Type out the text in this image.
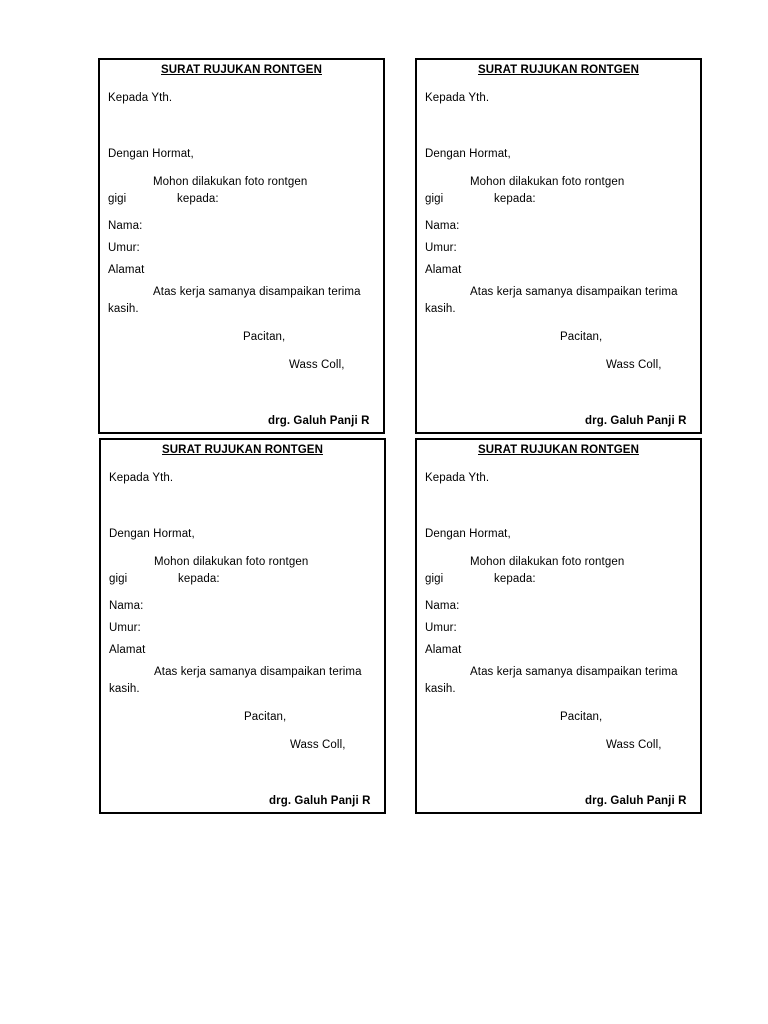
SURAT RUJUKAN RONTGEN
Kepada Yth.
Dengan Hormat,
Mohon dilakukan foto rontgen
gigi	kepada:
Nama:
Umur:
Alamat
Atas kerja samanya disampaikan terima
kasih.
Pacitan,
Wass Coll,
drg. Galuh Panji R
SURAT RUJUKAN RONTGEN
Kepada Yth.
Dengan Hormat,
Mohon dilakukan foto rontgen
gigi	kepada:
Nama:
Umur:
Alamat
Atas kerja samanya disampaikan terima
kasih.
Pacitan,
Wass Coll,
drg. Galuh Panji R
SURAT RUJUKAN RONTGEN
Kepada Yth.
Dengan Hormat,
Mohon dilakukan foto rontgen
gigi	kepada:
Nama:
Umur:
Alamat
Atas kerja samanya disampaikan terima
kasih.
Pacitan,
Wass Coll,
drg. Galuh Panji R
SURAT RUJUKAN RONTGEN
Kepada Yth.
Dengan Hormat,
Mohon dilakukan foto rontgen
gigi	kepada:
Nama:
Umur:
Alamat
Atas kerja samanya disampaikan terima
kasih.
Pacitan,
Wass Coll,
drg. Galuh Panji R
